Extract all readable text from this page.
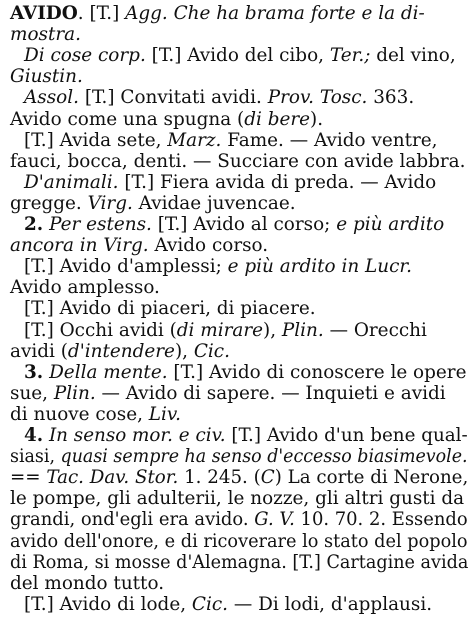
AVIDO. [T.] Agg. Che ha brama forte e la di-
mostra.
Di cose corp. [T.] Avido del cibo, Ter.; del vino,
Giustin.
Assol. [T.] Convitati avidi. Prov. Tosc. 363.
Avido come una spugna (di bere).
[T.] Avida sete, Marz. Fame. — Avido ventre,
fauci, bocca, denti. — Succiare con avide labbra.
D'animali. [T.] Fiera avida di preda. — Avido
gregge. Virg. Avidae juvencae.
2. Per estens. [T.] Avido al corso; e più ardito
ancora in Virg. Avido corso.
[T.] Avido d'amplessi; e più ardito in Lucr.
Avido amplesso.
[T.] Avido di piaceri, di piacere.
[T.] Occhi avidi (di mirare), Plin. — Orecchi
avidi (d'intendere), Cic.
3. Della mente. [T.] Avido di conoscere le opere
sue, Plin. — Avido di sapere. — Inquieti e avidi
di nuove cose, Liv.
4. In senso mor. e civ. [T.] Avido d'un bene qual-
siasi, quasi sempre ha senso d'eccesso biasimevole.
== Tac. Dav. Stor. 1. 245. (C) La corte di Nerone,
le pompe, gli adulterii, le nozze, gli altri gusti da
grandi, ond'egli era avido. G. V. 10. 70. 2. Essendo
avido dell'onore, e di ricoverare lo stato del popolo
di Roma, si mosse d'Alemagna. [T.] Cartagine avida
del mondo tutto.
[T.] Avido di lode, Cic. — Di lodi, d'applausi.
